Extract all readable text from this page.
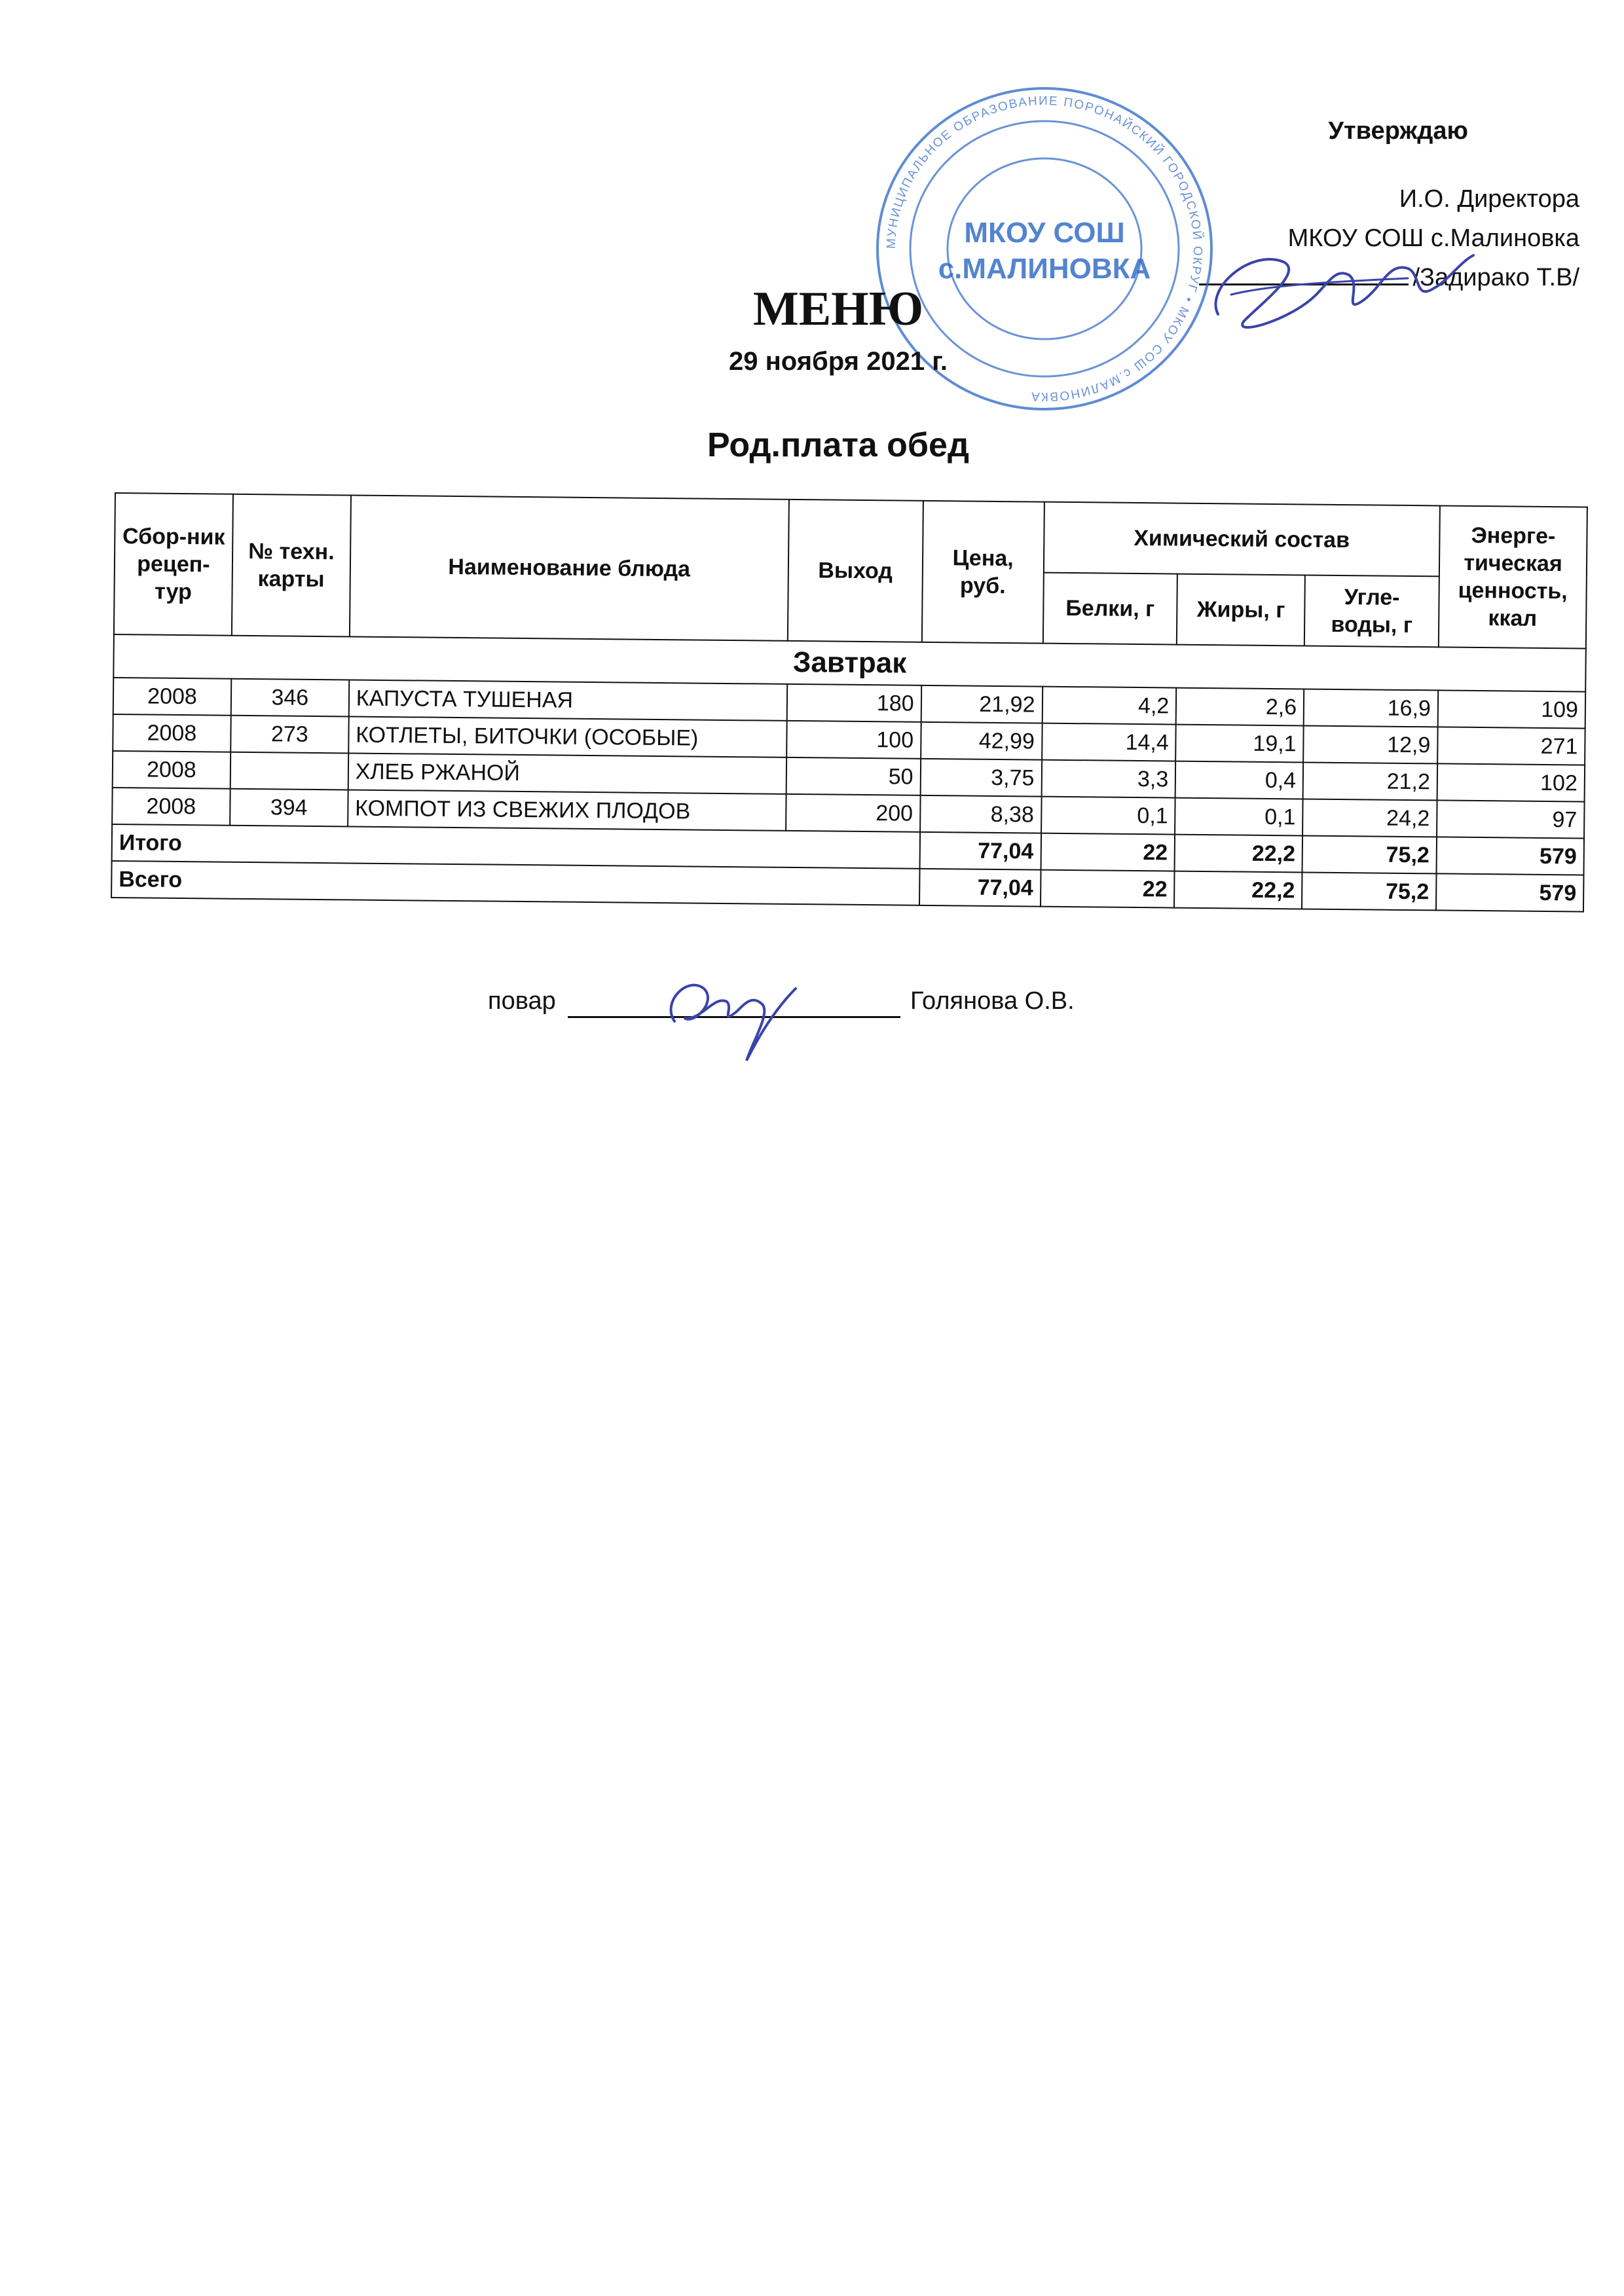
Утверждаю
И.О. Директора
МКОУ СОШ с.Малиновка
/Задирако Т.В/
МУНИЦИПАЛЬНОЕ ОБРАЗОВАНИЕ ПОРОНАЙСКИЙ ГОРОДСКОЙ ОКРУГ • МКОУ СОШ с.МАЛИНОВКА
МКОУ СОШ
с.МАЛИНОВКА
МЕНЮ
29 ноября 2021 г.
Род.плата обед
Сбор-ник рецеп-тур	№ техн. карты	Наименование блюда	Выход	Цена, руб.	Химический состав			Энерге-тическая ценность, ккал
					Белки, г	Жиры, г	Угле-воды, г	
Завтрак								
2008	346	КАПУСТА ТУШЕНАЯ	180	21,92	4,2	2,6	16,9	109
2008	273	КОТЛЕТЫ, БИТОЧКИ (ОСОБЫЕ)	100	42,99	14,4	19,1	12,9	271
2008		ХЛЕБ РЖАНОЙ	50	3,75	3,3	0,4	21,2	102
2008	394	КОМПОТ ИЗ СВЕЖИХ ПЛОДОВ	200	8,38	0,1	0,1	24,2	97
Итого				77,04	22	22,2	75,2	579
Всего				77,04	22	22,2	75,2	579
повар	Голянова О.В.
